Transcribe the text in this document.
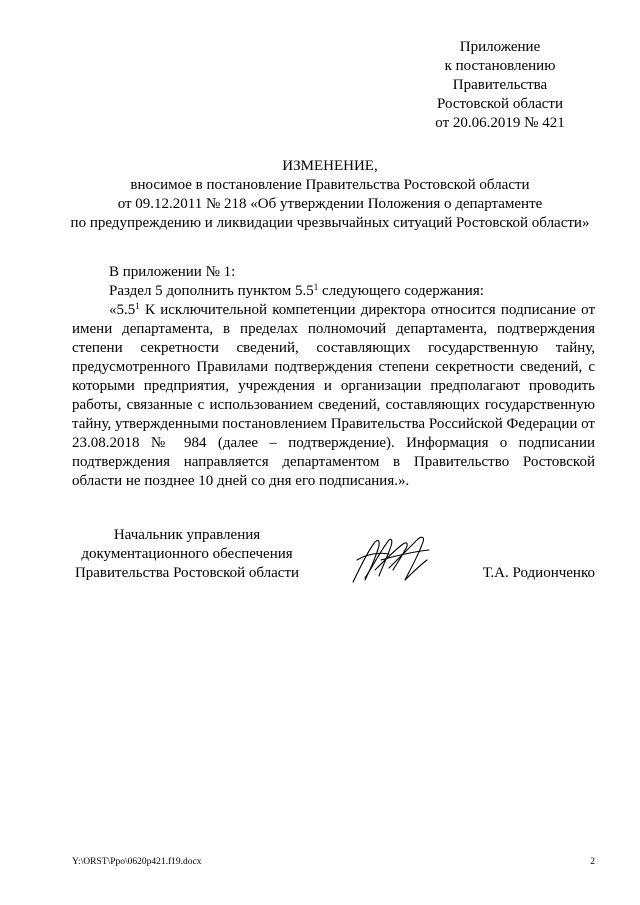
Приложение
к постановлению
Правительства
Ростовской области
от 20.06.2019 № 421
ИЗМЕНЕНИЕ,
вносимое в постановление Правительства Ростовской области
от 09.12.2011 № 218 «Об утверждении Положения о департаменте
по предупреждению и ликвидации чрезвычайных ситуаций Ростовской области»
В приложении № 1:
Раздел 5 дополнить пунктом $5.5^1$ следующего содержания:

«$5.5^1$ К исключительной компетенции директора относится подписание от имени департамента, в пределах полномочий департамента, подтверждения степени секретности сведений, составляющих государственную тайну, предусмотренного Правилами подтверждения степени секретности сведений, с которыми предприятия, учреждения и организации предполагают проводить работы, связанные с использованием сведений, составляющих государственную тайну, утвержденными постановлением Правительства Российской Федерации от 23.08.2018 № 984 (далее – подтверждение). Информация о подписании подтверждения направляется департаментом в Правительство Ростовской области не позднее 10 дней со дня его подписания.».

Начальник управления
документационного обеспечения
Правительства Ростовской области	Т.А. Родионченко
Y:\ORST\Ppo\0620p421.f19.docx	2
